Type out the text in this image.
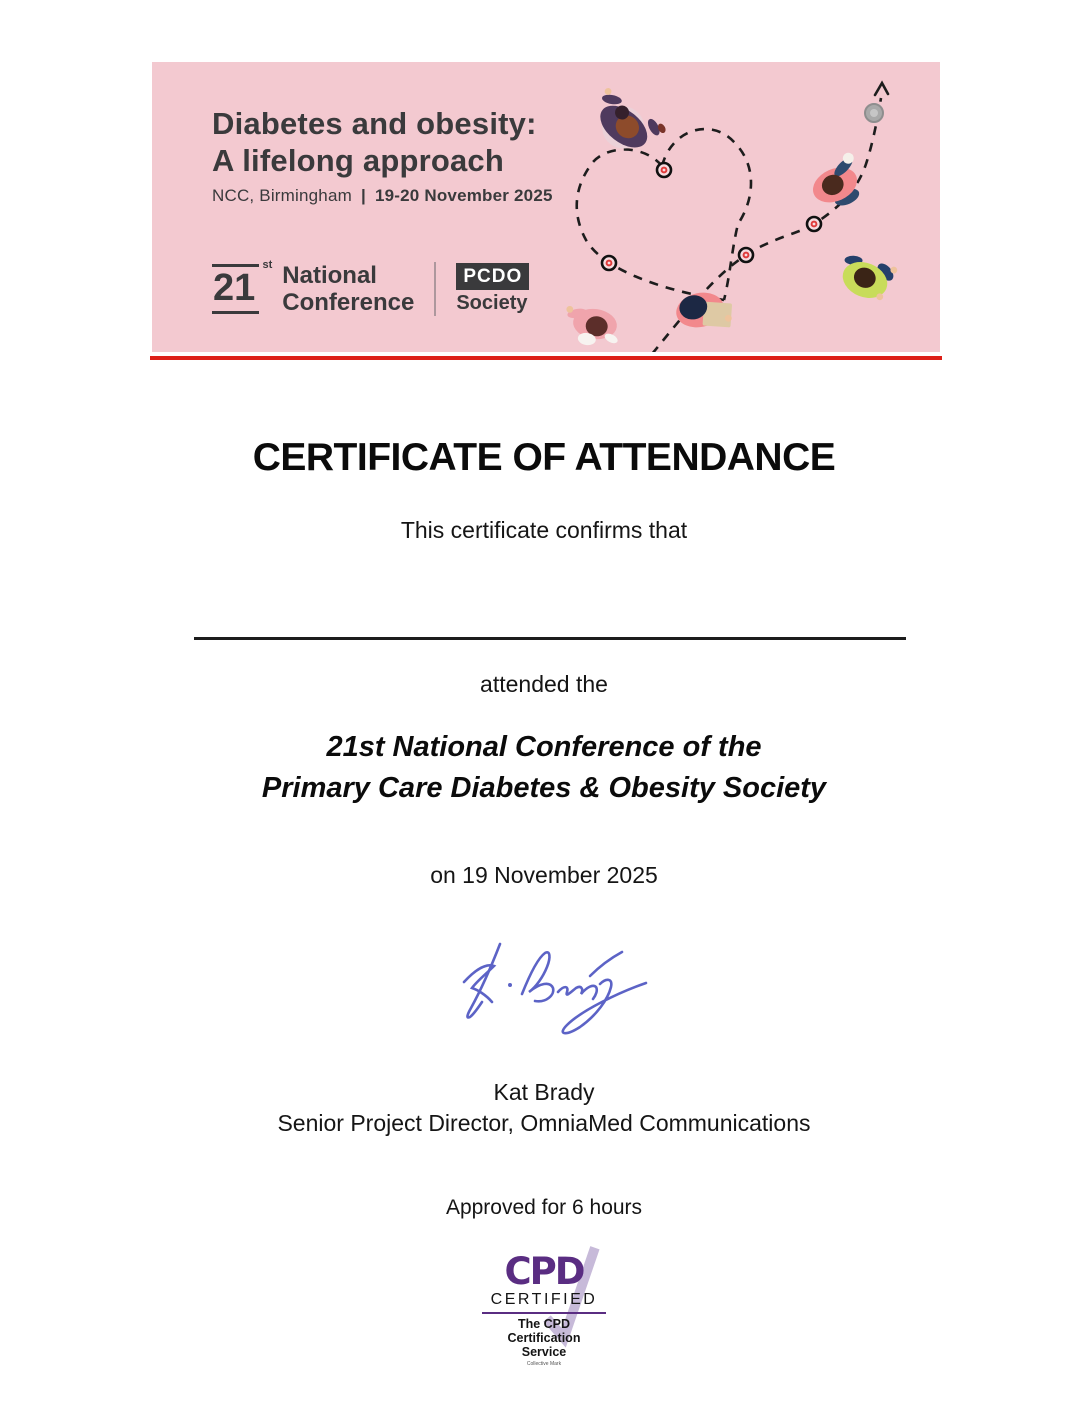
Diabetes and obesity:
A lifelong approach
NCC, Birmingham | 19-20 November 2025
21
st National
Conference
PCDO
Society
CERTIFICATE OF ATTENDANCE
This certificate confirms that
attended the
21st National Conference of the
Primary Care Diabetes & Obesity Society
on 19 November 2025
Kat Brady
Senior Project Director, OmniaMed Communications
Approved for 6 hours
CPD
CERTIFIED
The CPD Certification
Service
Collective Mark
